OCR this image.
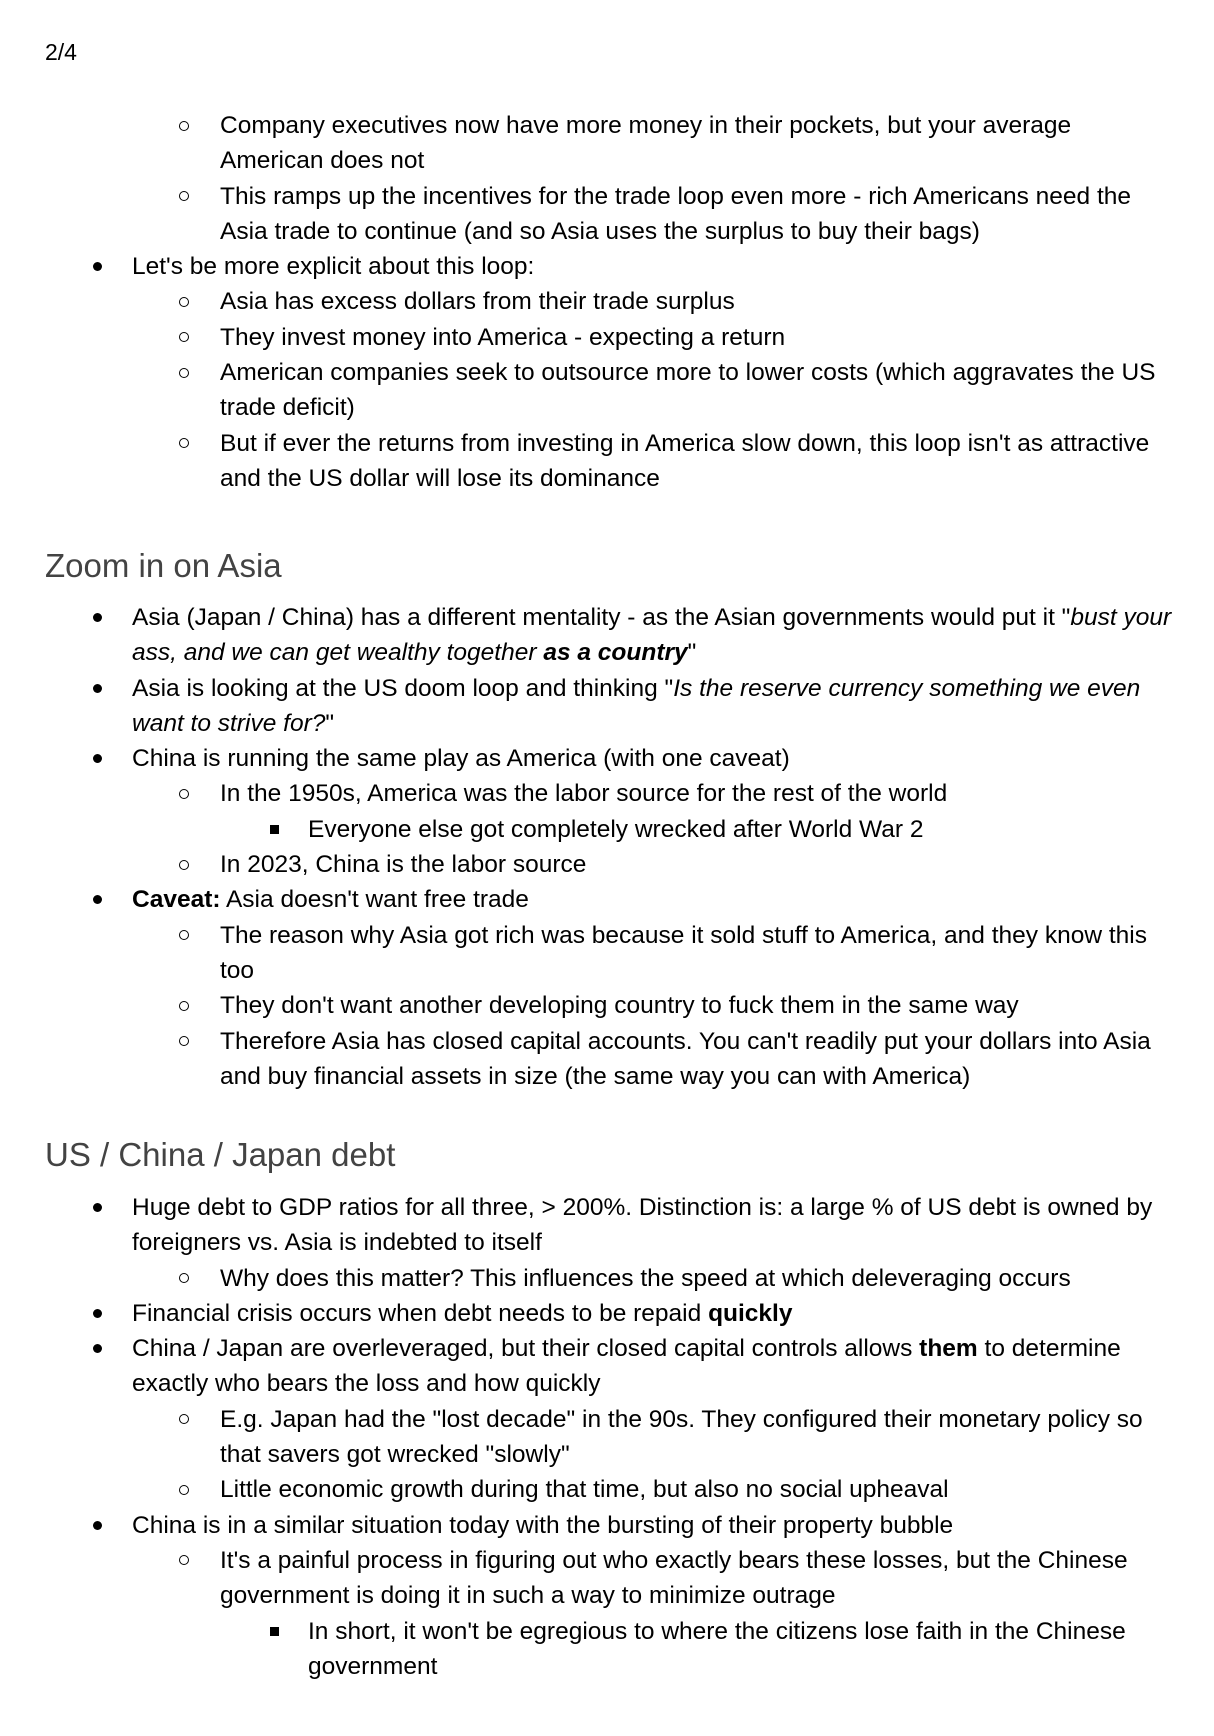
2/4
Company executives now have more money in their pockets, but your average American does not
This ramps up the incentives for the trade loop even more - rich Americans need the Asia trade to continue (and so Asia uses the surplus to buy their bags)
Let's be more explicit about this loop:
Asia has excess dollars from their trade surplus
They invest money into America - expecting a return
American companies seek to outsource more to lower costs (which aggravates the US trade deficit)
But if ever the returns from investing in America slow down, this loop isn't as attractive and the US dollar will lose its dominance
Zoom in on Asia
Asia (Japan / China) has a different mentality - as the Asian governments would put it "bust your ass, and we can get wealthy together as a country"
Asia is looking at the US doom loop and thinking "Is the reserve currency something we even want to strive for?"
China is running the same play as America (with one caveat)
In the 1950s, America was the labor source for the rest of the world
Everyone else got completely wrecked after World War 2
In 2023, China is the labor source
Caveat: Asia doesn't want free trade
The reason why Asia got rich was because it sold stuff to America, and they know this too
They don't want another developing country to fuck them in the same way
Therefore Asia has closed capital accounts. You can't readily put your dollars into Asia and buy financial assets in size (the same way you can with America)
US / China / Japan debt
Huge debt to GDP ratios for all three, > 200%. Distinction is: a large % of US debt is owned by foreigners vs. Asia is indebted to itself
Why does this matter? This influences the speed at which deleveraging occurs
Financial crisis occurs when debt needs to be repaid quickly
China / Japan are overleveraged, but their closed capital controls allows them to determine exactly who bears the loss and how quickly
E.g. Japan had the "lost decade" in the 90s. They configured their monetary policy so that savers got wrecked "slowly"
Little economic growth during that time, but also no social upheaval
China is in a similar situation today with the bursting of their property bubble
It's a painful process in figuring out who exactly bears these losses, but the Chinese government is doing it in such a way to minimize outrage
In short, it won't be egregious to where the citizens lose faith in the Chinese government
